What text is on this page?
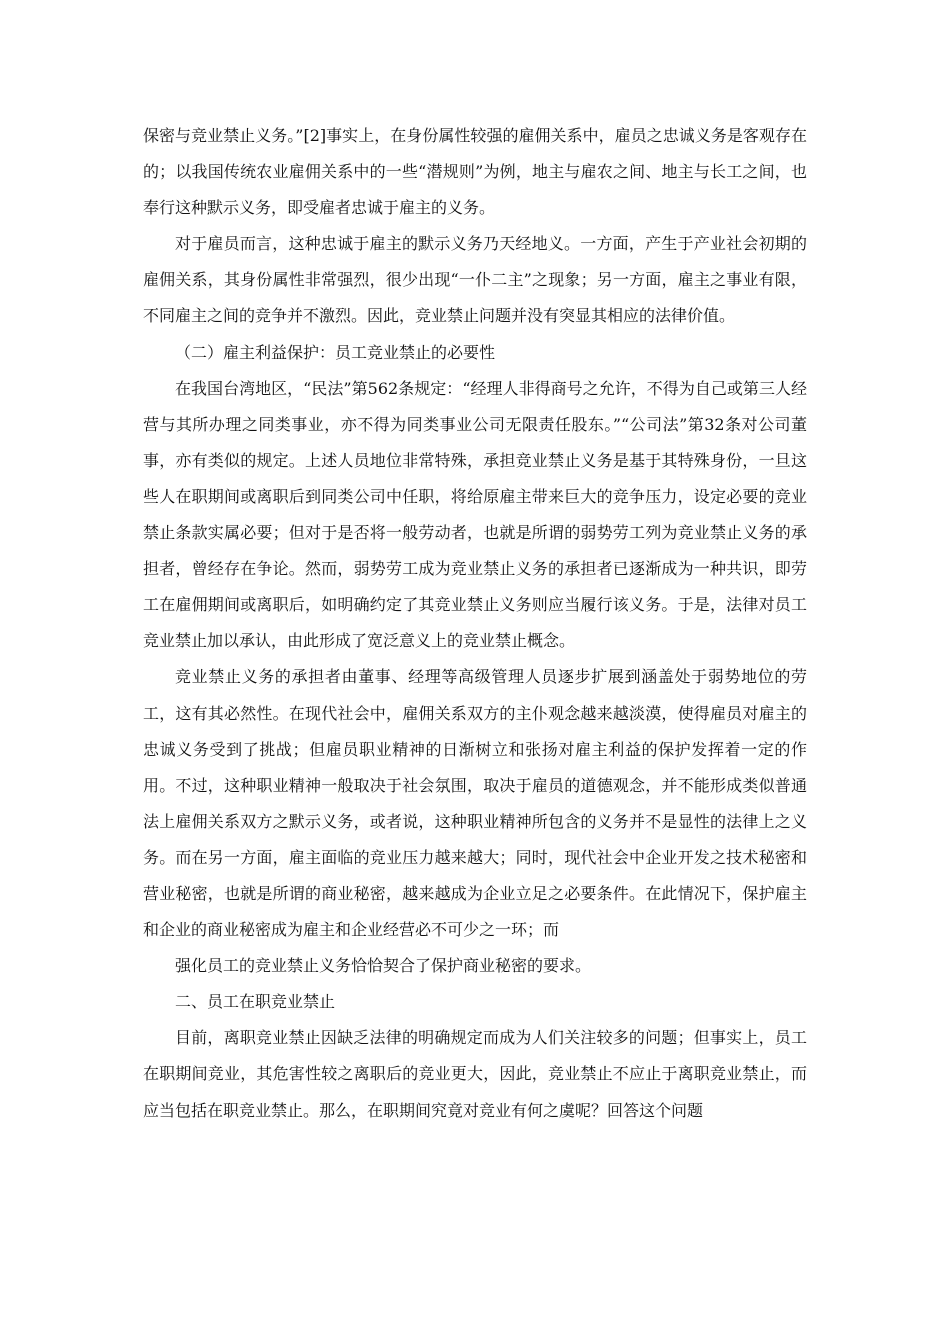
保密与竞业禁止义务。”[2]事实上，在身份属性较强的雇佣关系中，雇员之忠诚义务是客观存在的；以我国传统农业雇佣关系中的一些“潜规则”为例，地主与雇农之间、地主与长工之间，也奉行这种默示义务，即受雇者忠诚于雇主的义务。

对于雇员而言，这种忠诚于雇主的默示义务乃天经地义。一方面，产生于产业社会初期的雇佣关系，其身份属性非常强烈，很少出现“一仆二主”之现象；另一方面，雇主之事业有限，不同雇主之间的竞争并不激烈。因此，竞业禁止问题并没有突显其相应的法律价值。

（二）雇主利益保护：员工竞业禁止的必要性

在我国台湾地区，“民法”第562条规定：“经理人非得商号之允许，不得为自己或第三人经营与其所办理之同类事业，亦不得为同类事业公司无限责任股东。”“公司法”第32条对公司董事，亦有类似的规定。上述人员地位非常特殊，承担竞业禁止义务是基于其特殊身份，一旦这些人在职期间或离职后到同类公司中任职，将给原雇主带来巨大的竞争压力，设定必要的竞业禁止条款实属必要；但对于是否将一般劳动者，也就是所谓的弱势劳工列为竞业禁止义务的承担者，曾经存在争论。然而，弱势劳工成为竞业禁止义务的承担者已逐渐成为一种共识，即劳工在雇佣期间或离职后，如明确约定了其竞业禁止义务则应当履行该义务。于是，法律对员工竞业禁止加以承认，由此形成了宽泛意义上的竞业禁止概念。

竞业禁止义务的承担者由董事、经理等高级管理人员逐步扩展到涵盖处于弱势地位的劳工，这有其必然性。在现代社会中，雇佣关系双方的主仆观念越来越淡漠，使得雇员对雇主的忠诚义务受到了挑战；但雇员职业精神的日渐树立和张扬对雇主利益的保护发挥着一定的作用。不过，这种职业精神一般取决于社会氛围，取决于雇员的道德观念，并不能形成类似普通法上雇佣关系双方之默示义务，或者说，这种职业精神所包含的义务并不是显性的法律上之义务。而在另一方面，雇主面临的竞业压力越来越大；同时，现代社会中企业开发之技术秘密和营业秘密，也就是所谓的商业秘密，越来越成为企业立足之必要条件。在此情况下，保护雇主和企业的商业秘密成为雇主和企业经营必不可少之一环；而

强化员工的竞业禁止义务恰恰契合了保护商业秘密的要求。

二、员工在职竞业禁止

目前，离职竞业禁止因缺乏法律的明确规定而成为人们关注较多的问题；但事实上，员工在职期间竞业，其危害性较之离职后的竞业更大，因此，竞业禁止不应止于离职竞业禁止，而应当包括在职竞业禁止。那么，在职期间究竟对竞业有何之虞呢？回答这个问题
